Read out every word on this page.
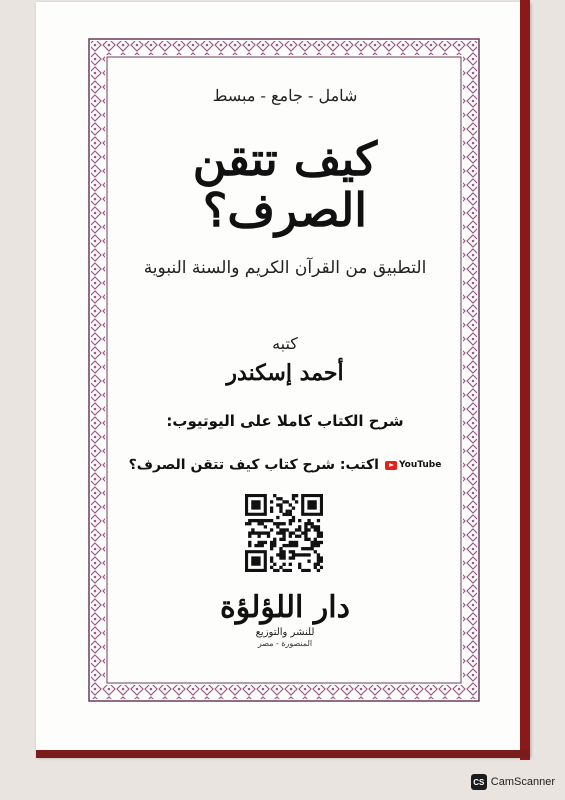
شامل - جامع - مبسط
كيف تتقن الصرف؟
التطبيق من القرآن الكريم والسنة النبوية
كتبه
أحمد إسكندر
شرح الكتاب كاملا على اليوتيوب:
YouTube
اكتب: شرح كتاب كيف تتقن الصرف؟
دار اللؤلؤة
للنشر والتوزيع
المنصورة - مصر
CS CamScanner
